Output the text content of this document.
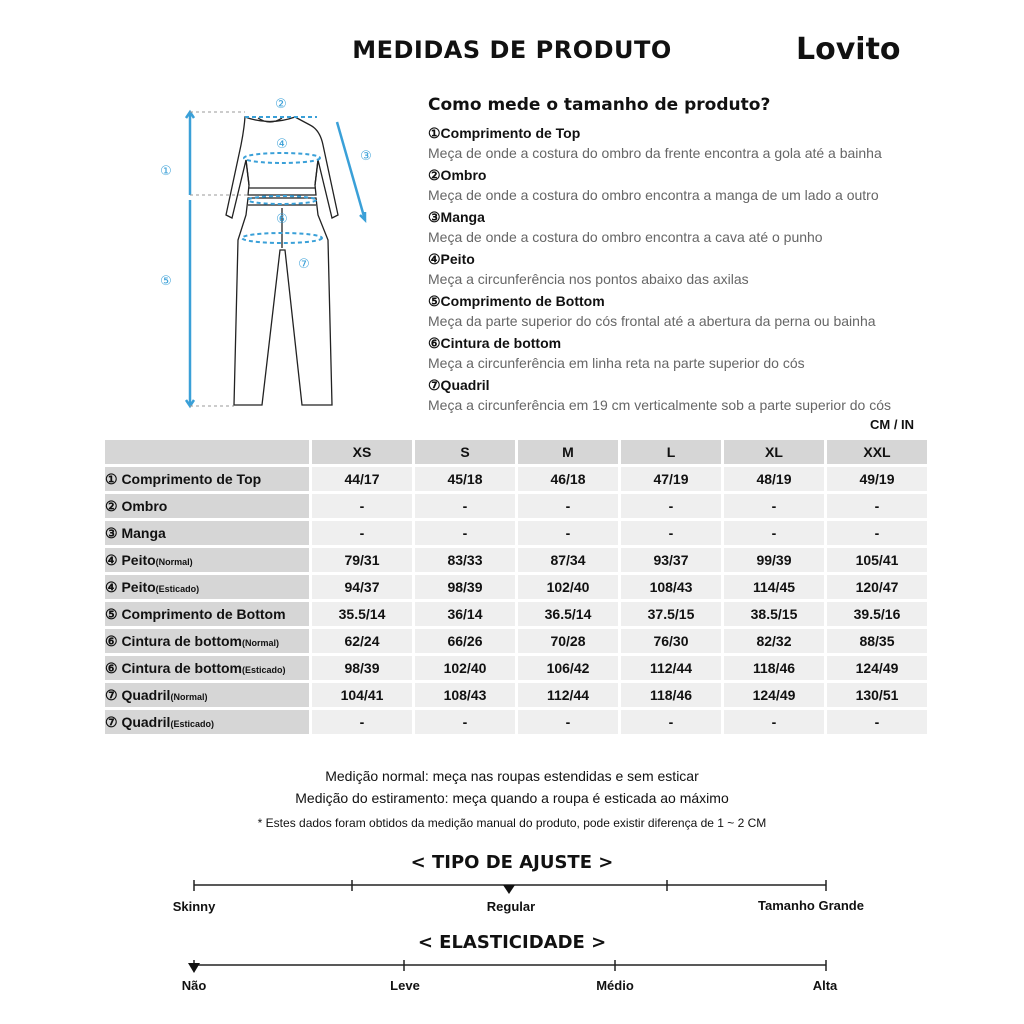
MEDIDAS DE PRODUTO	Lovito
①
②
③
④
⑤
⑥
⑦
Como mede o tamanho de produto?
①Comprimento de Top
Meça de onde a costura do ombro da frente encontra a gola até a bainha
②Ombro
Meça de onde a costura do ombro encontra a manga de um lado a outro
③Manga
Meça de onde a costura do ombro encontra a cava até o punho
④Peito
Meça a circunferência nos pontos abaixo das axilas
⑤Comprimento de Bottom
Meça da parte superior do cós frontal até a abertura da perna ou bainha
⑥Cintura de bottom
Meça a circunferência em linha reta na parte superior do cós
⑦Quadril
Meça a circunferência em 19 cm verticalmente sob a parte superior do cós
CM / IN
	XS	S	M	L	XL	XXL
① Comprimento de Top	44/17	45/18	46/18	47/19	48/19	49/19
② Ombro	-	-	-	-	-	-
③ Manga	-	-	-	-	-	-
④ Peito(Normal)	79/31	83/33	87/34	93/37	99/39	105/41
④ Peito(Esticado)	94/37	98/39	102/40	108/43	114/45	120/47
⑤ Comprimento de Bottom	35.5/14	36/14	36.5/14	37.5/15	38.5/15	39.5/16
⑥ Cintura de bottom(Normal)	62/24	66/26	70/28	76/30	82/32	88/35
⑥ Cintura de bottom(Esticado)	98/39	102/40	106/42	112/44	118/46	124/49
⑦ Quadril(Normal)	104/41	108/43	112/44	118/46	124/49	130/51
⑦ Quadril(Esticado)	-	-	-	-	-	-
Medição normal: meça nas roupas estendidas e sem esticar
Medição do estiramento: meça quando a roupa é esticada ao máximo
* Estes dados foram obtidos da medição manual do produto, pode existir diferença de 1 ~ 2 CM
< TIPO DE AJUSTE >
Skinny	Regular	Tamanho Grande
< ELASTICIDADE >
Não	Leve	Médio	Alta
